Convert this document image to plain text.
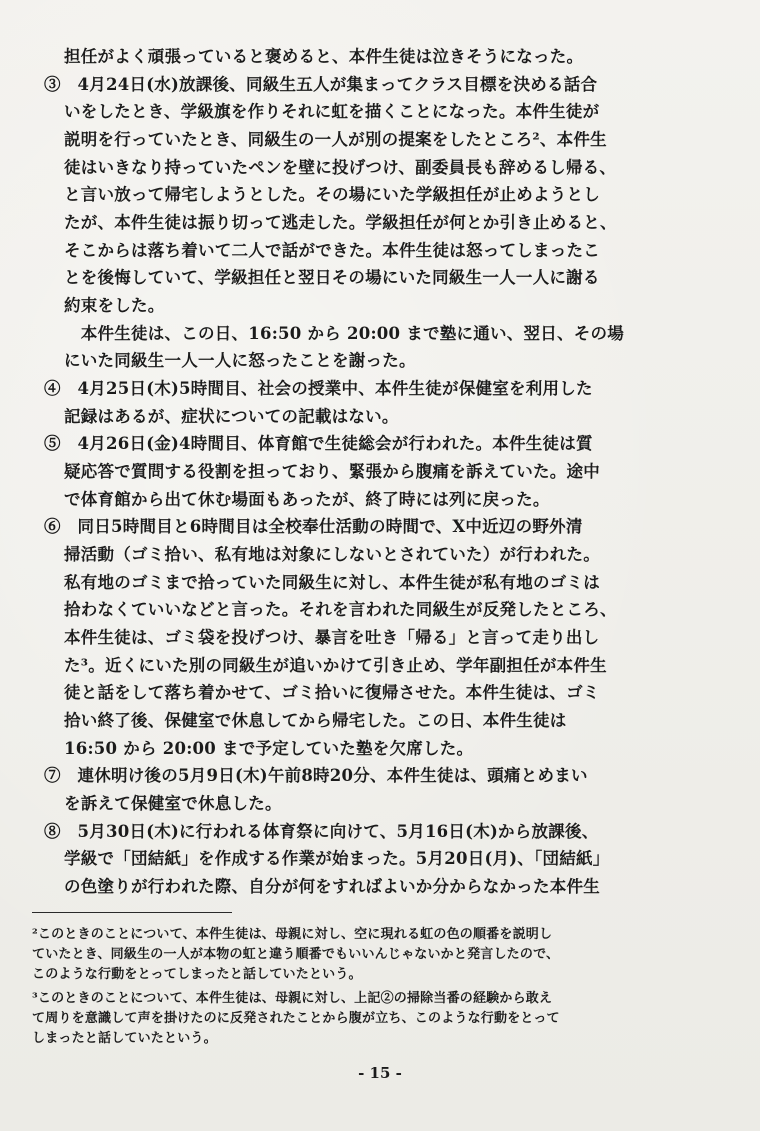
担任がよく頑張っていると褒めると、本件生徒は泣きそうになった。
③　4月24日(水)放課後、同級生五人が集まってクラス目標を決める話合
いをしたとき、学級旗を作りそれに虹を描くことになった。本件生徒が
説明を行っていたとき、同級生の一人が別の提案をしたところ²、本件生
徒はいきなり持っていたペンを壁に投げつけ、副委員長も辞めるし帰る、
と言い放って帰宅しようとした。その場にいた学級担任が止めようとし
たが、本件生徒は振り切って逃走した。学級担任が何とか引き止めると、
そこからは落ち着いて二人で話ができた。本件生徒は怒ってしまったこ
とを後悔していて、学級担任と翌日その場にいた同級生一人一人に謝る
約束をした。
　本件生徒は、この日、16:50 から 20:00 まで塾に通い、翌日、その場
にいた同級生一人一人に怒ったことを謝った。
④　4月25日(木)5時間目、社会の授業中、本件生徒が保健室を利用した
記録はあるが、症状についての記載はない。
⑤　4月26日(金)4時間目、体育館で生徒総会が行われた。本件生徒は質
疑応答で質問する役割を担っており、緊張から腹痛を訴えていた。途中
で体育館から出て休む場面もあったが、終了時には列に戻った。
⑥　同日5時間目と6時間目は全校奉仕活動の時間で、X中近辺の野外清
掃活動（ゴミ拾い、私有地は対象にしないとされていた）が行われた。
私有地のゴミまで拾っていた同級生に対し、本件生徒が私有地のゴミは
拾わなくていいなどと言った。それを言われた同級生が反発したところ、
本件生徒は、ゴミ袋を投げつけ、暴言を吐き「帰る」と言って走り出し
た³。近くにいた別の同級生が追いかけて引き止め、学年副担任が本件生
徒と話をして落ち着かせて、ゴミ拾いに復帰させた。本件生徒は、ゴミ
拾い終了後、保健室で休息してから帰宅した。この日、本件生徒は
16:50 から 20:00 まで予定していた塾を欠席した。
⑦　連休明け後の5月9日(木)午前8時20分、本件生徒は、頭痛とめまい
を訴えて保健室で休息した。
⑧　5月30日(木)に行われる体育祭に向けて、5月16日(木)から放課後、
学級で「団結紙」を作成する作業が始まった。5月20日(月)、「団結紙」
の色塗りが行われた際、自分が何をすればよいか分からなかった本件生
²このときのことについて、本件生徒は、母親に対し、空に現れる虹の色の順番を説明し
ていたとき、同級生の一人が本物の虹と違う順番でもいいんじゃないかと発言したので、
このような行動をとってしまったと話していたという。
³このときのことについて、本件生徒は、母親に対し、上記②の掃除当番の経験から敢え
て周りを意識して声を掛けたのに反発されたことから腹が立ち、このような行動をとって
しまったと話していたという。
- 15 -
